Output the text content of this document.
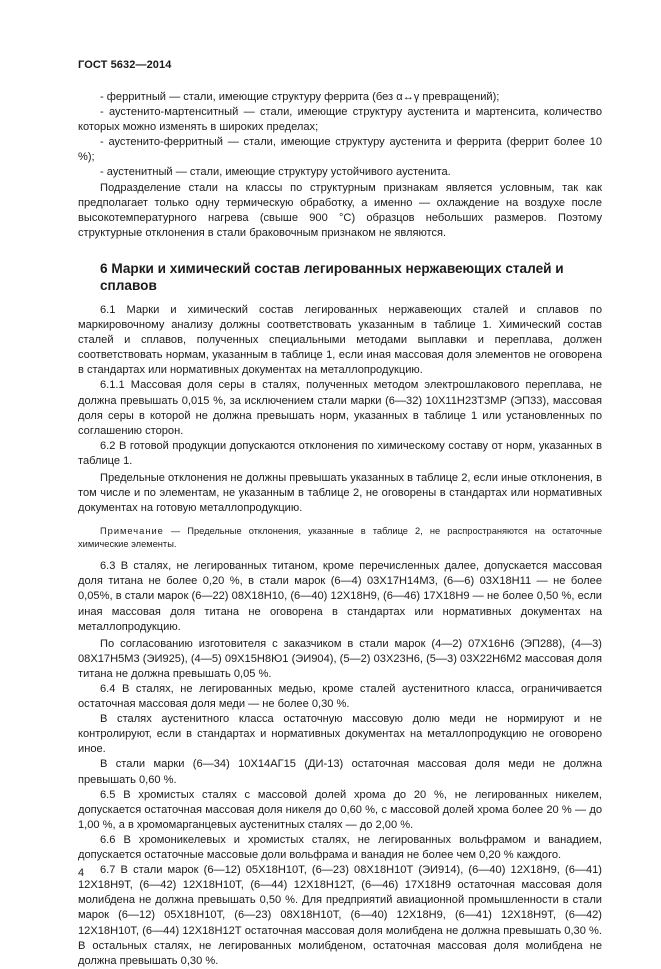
ГОСТ 5632—2014

- ферритный — стали, имеющие структуру феррита (без α↔γ превращений);

- аустенито-мартенситный — стали, имеющие структуру аустенита и мартенсита, количество которых можно изменять в широких пределах;

- аустенито-ферритный — стали, имеющие структуру аустенита и феррита (феррит более 10 %);

- аустенитный — стали, имеющие структуру устойчивого аустенита.

Подразделение стали на классы по структурным признакам является условным, так как предполагает только одну термическую обработку, а именно — охлаждение на воздухе после высокотемпературного нагрева (свыше 900 °С) образцов небольших размеров. Поэтому структурные отклонения в стали браковочным признаком не являются.

6 Марки и химический состав легированных нержавеющих сталей и сплавов

6.1 Марки и химический состав легированных нержавеющих сталей и сплавов по маркировочному анализу должны соответствовать указанным в таблице 1. Химический состав сталей и сплавов, полученных специальными методами выплавки и переплава, должен соответствовать нормам, указанным в таблице 1, если иная массовая доля элементов не оговорена в стандартах или нормативных документах на металлопродукцию.

6.1.1 Массовая доля серы в сталях, полученных методом электрошлакового переплава, не должна превышать 0,015 %, за исключением стали марки (6—32) 10Х11Н23Т3МР (ЭП33), массовая доля серы в которой не должна превышать норм, указанных в таблице 1 или установленных по соглашению сторон.

6.2 В готовой продукции допускаются отклонения по химическому составу от норм, указанных в таблице 1.

Предельные отклонения не должны превышать указанных в таблице 2, если иные отклонения, в том числе и по элементам, не указанным в таблице 2, не оговорены в стандартах или нормативных документах на готовую металлопродукцию.

Примечание — Предельные отклонения, указанные в таблице 2, не распространяются на остаточные химические элементы.

6.3 В сталях, не легированных титаном, кроме перечисленных далее, допускается массовая доля титана не более 0,20 %, в стали марок (6—4) 03Х17Н14М3, (6—6) 03Х18Н11 — не более 0,05%, в стали марок (6—22) 08Х18Н10, (6—40) 12Х18Н9, (6—46) 17Х18Н9 — не более 0,50 %, если иная массовая доля титана не оговорена в стандартах или нормативных документах на металлопродукцию.

По согласованию изготовителя с заказчиком в стали марок (4—2) 07Х16Н6 (ЭП288), (4—3) 08Х17Н5М3 (ЭИ925), (4—5) 09Х15Н8Ю1 (ЭИ904), (5—2) 03Х23Н6, (5—3) 03Х22Н6М2 массовая доля титана не должна превышать 0,05 %.

6.4 В сталях, не легированных медью, кроме сталей аустенитного класса, ограничивается остаточная массовая доля меди — не более 0,30 %.

В сталях аустенитного класса остаточную массовую долю меди не нормируют и не контролируют, если в стандартах и нормативных документах на металлопродукцию не оговорено иное.

В стали марки (6—34) 10Х14АГ15 (ДИ-13) остаточная массовая доля меди не должна превышать 0,60 %.

6.5 В хромистых сталях с массовой долей хрома до 20 %, не легированных никелем, допускается остаточная массовая доля никеля до 0,60 %, с массовой долей хрома более 20 % — до 1,00 %, а в хромомарганцевых аустенитных сталях — до 2,00 %.

6.6 В хромоникелевых и хромистых сталях, не легированных вольфрамом и ванадием, допускается остаточные массовые доли вольфрама и ванадия не более чем 0,20 % каждого.

6.7 В стали марок (6—12) 05Х18Н10Т, (6—23) 08Х18Н10Т (ЭИ914), (6—40) 12Х18Н9, (6—41) 12Х18Н9Т, (6—42) 12Х18Н10Т, (6—44) 12Х18Н12Т, (6—46) 17Х18Н9 остаточная массовая доля молибдена не должна превышать 0,50 %. Для предприятий авиационной промышленности в стали марок (6—12) 05Х18Н10Т, (6—23) 08Х18Н10Т, (6—40) 12Х18Н9, (6—41) 12Х18Н9Т, (6—42) 12Х18Н10Т, (6—44) 12Х18Н12Т остаточная массовая доля молибдена не должна превышать 0,30 %. В остальных сталях, не легированных молибденом, остаточная массовая доля молибдена не должна превышать 0,30 %.

4
